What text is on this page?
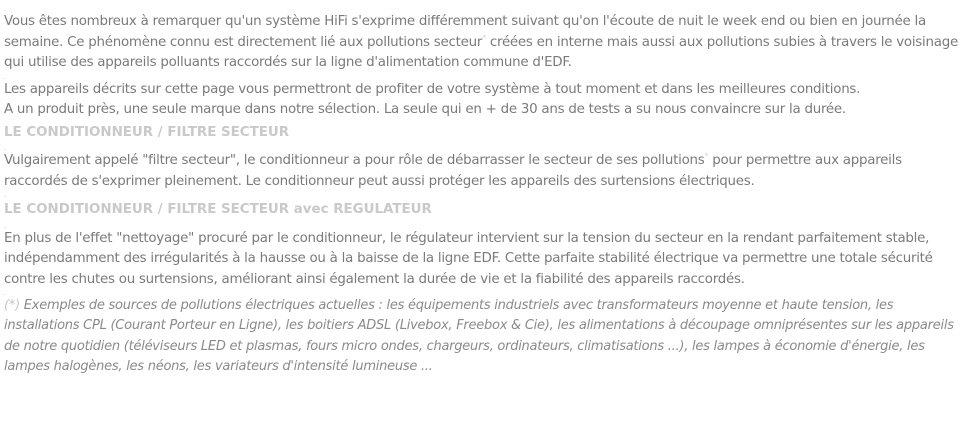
.

Vous êtes nombreux à remarquer qu'un système HiFi s'exprime différemment suivant qu'on l'écoute de nuit le week end ou bien en journée la semaine. Ce phénomène connu est directement lié aux pollutions secteur* créées en interne mais aussi aux pollutions subies à travers le voisinage qui utilise des appareils polluants raccordés sur la ligne d'alimentation commune d'EDF.

.

Les appareils décrits sur cette page vous permettront de profiter de votre système à tout moment et dans les meilleures conditions.
A un produit près, une seule marque dans notre sélection. La seule qui en + de 30 ans de tests a su nous convaincre sur la durée.

LE CONDITIONNEUR / FILTRE SECTEUR

.

Vulgairement appelé "filtre secteur", le conditionneur a pour rôle de débarrasser le secteur de ses pollutions* pour permettre aux appareils raccordés de s'exprimer pleinement. Le conditionneur peut aussi protéger les appareils des surtensions électriques.

.

LE CONDITIONNEUR / FILTRE SECTEUR avec REGULATEUR

.

En plus de l'effet "nettoyage" procuré par le conditionneur, le régulateur intervient sur la tension du secteur en la rendant parfaitement stable, indépendamment des irrégularités à la hausse ou à la baisse de la ligne EDF. Cette parfaite stabilité électrique va permettre une totale sécurité contre les chutes ou surtensions, améliorant ainsi également la durée de vie et la fiabilité des appareils raccordés.

.

(*) Exemples de sources de pollutions électriques actuelles : les équipements industriels avec transformateurs moyenne et haute tension, les installations CPL (Courant Porteur en Ligne), les boitiers ADSL (Livebox, Freebox & Cie), les alimentations à découpage omniprésentes sur les appareils de notre quotidien (téléviseurs LED et plasmas, fours micro ondes, chargeurs, ordinateurs, climatisations ...), les lampes à économie d'énergie, les lampes halogènes, les néons, les variateurs d'intensité lumineuse ...
